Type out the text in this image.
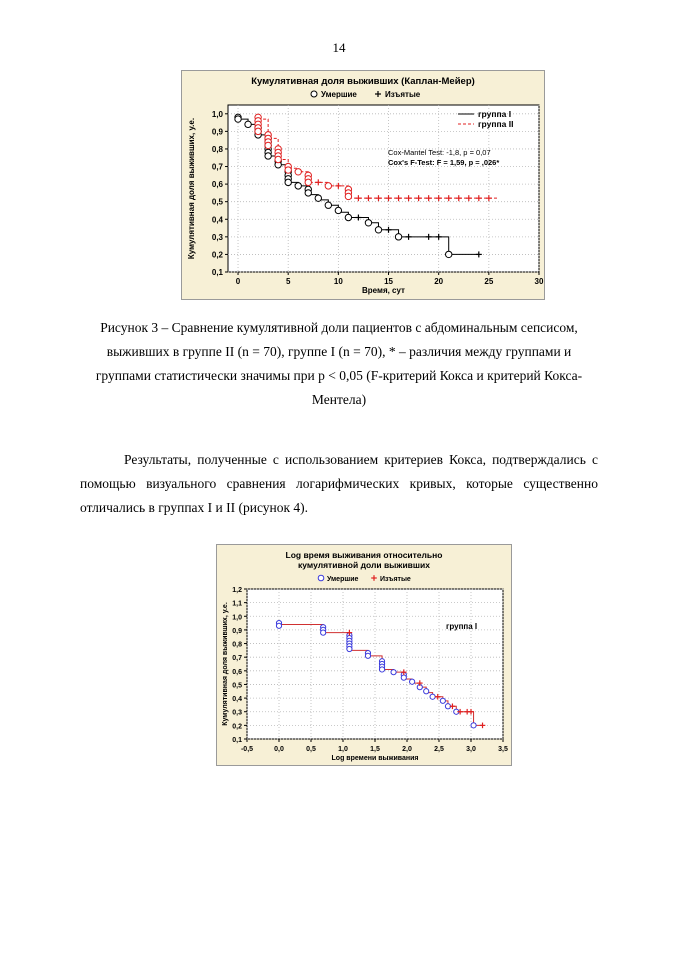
14
Кумулятивная доля выживших (Каплан-Мейер)
Умершие	Изъятые
0	5	10	15	20	25	30
0,1
0,2
0,3
0,4
0,5
0,6
0,7
0,8
0,9
1,0
Время, сут
Кумулятивная доля выживших, у.е.
группа I
группа II
Cox-Mantel Test: -1,8, p = 0,07
Cox's F-Test: F = 1,59, p = ,026*
Рисунок 3 – Сравнение кумулятивной доли пациентов с абдоминальным сепсисом,
выживших в группе II (n = 70), группе I (n = 70), * – различия между группами и
группами статистически значимы при p < 0,05 (F-критерий Кокса и критерий Кокса-
Ментела)
Результаты, полученные с использованием критериев Кокса, подтверждались с
помощью визуального сравнения логарифмических кривых, которые существенно
отличались в группах I и II (рисунок 4).
Log время выживания относительно
кумулятивной доли выживших
Умершие	Изъятые
-0,5	0,0	0,5	1,0	1,5	2,0	2,5	3,0	3,5
0,1
0,2
0,3
0,4
0,5
0,6
0,7
0,8
0,9
1,0
1,1
1,2
Log времени выживания
Кумулятивная доля выживших, у.е.	группа I
